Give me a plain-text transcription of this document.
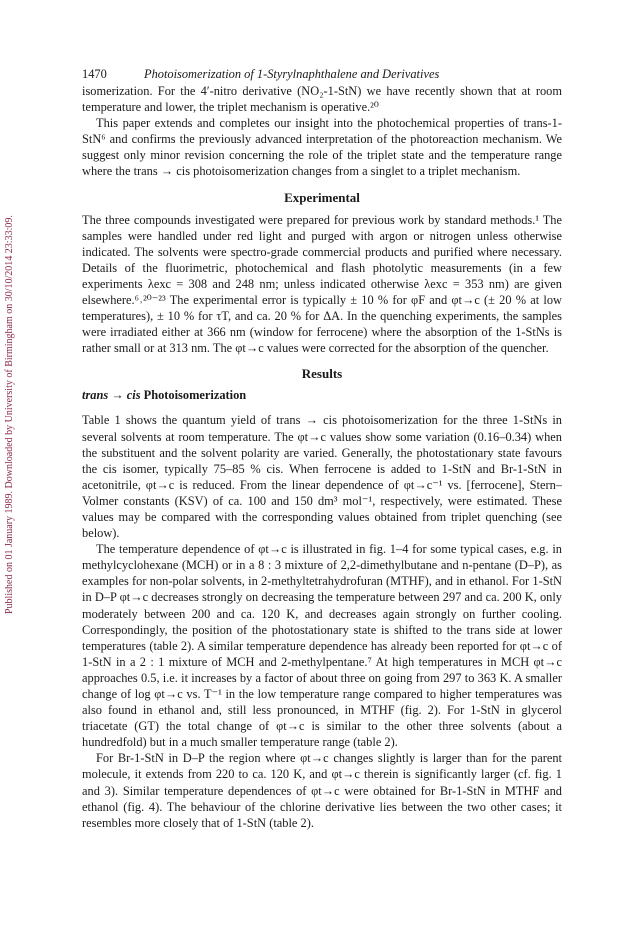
Published on 01 January 1989. Downloaded by University of Birmingham on 30/10/2014 23:33:09.
1470	Photoisomerization of 1-Styrylnaphthalene and Derivatives

isomerization. For the 4′-nitro derivative (NO₂-1-StN) we have recently shown that at room temperature and lower, the triplet mechanism is operative.²⁰

This paper extends and completes our insight into the photochemical properties of trans-1-StN⁶ and confirms the previously advanced interpretation of the photoreaction mechanism. We suggest only minor revision concerning the role of the triplet state and the temperature range where the trans → cis photoisomerization changes from a singlet to a triplet mechanism.

Experimental

The three compounds investigated were prepared for previous work by standard methods.¹ The samples were handled under red light and purged with argon or nitrogen unless otherwise indicated. The solvents were spectro-grade commercial products and purified where necessary. Details of the fluorimetric, photochemical and flash photolytic measurements (in a few experiments λexc = 308 and 248 nm; unless indicated otherwise λexc = 353 nm) are given elsewhere.⁶˒²⁰⁻²³ The experimental error is typically ± 10 % for φF and φt→c (± 20 % at low temperatures), ± 10 % for τT, and ca. 20 % for ΔA. In the quenching experiments, the samples were irradiated either at 366 nm (window for ferrocene) where the absorption of the 1-StNs is rather small or at 313 nm. The φt→c values were corrected for the absorption of the quencher.

Results
trans → cis Photoisomerization

Table 1 shows the quantum yield of trans → cis photoisomerization for the three 1-StNs in several solvents at room temperature. The φt→c values show some variation (0.16–0.34) when the substituent and the solvent polarity are varied. Generally, the photostationary state favours the cis isomer, typically 75–85 % cis. When ferrocene is added to 1-StN and Br-1-StN in acetonitrile, φt→c is reduced. From the linear dependence of φt→c⁻¹ vs. [ferrocene], Stern–Volmer constants (KSV) of ca. 100 and 150 dm³ mol⁻¹, respectively, were estimated. These values may be compared with the corresponding values obtained from triplet quenching (see below).

The temperature dependence of φt→c is illustrated in fig. 1–4 for some typical cases, e.g. in methylcyclohexane (MCH) or in a 8 : 3 mixture of 2,2-dimethylbutane and n-pentane (D–P), as examples for non-polar solvents, in 2-methyltetrahydrofuran (MTHF), and in ethanol. For 1-StN in D–P φt→c decreases strongly on decreasing the temperature between 297 and ca. 200 K, only moderately between 200 and ca. 120 K, and decreases again strongly on further cooling. Correspondingly, the position of the photostationary state is shifted to the trans side at lower temperatures (table 2). A similar temperature dependence has already been reported for φt→c of 1-StN in a 2 : 1 mixture of MCH and 2-methylpentane.⁷ At high temperatures in MCH φt→c approaches 0.5, i.e. it increases by a factor of about three on going from 297 to 363 K. A smaller change of log φt→c vs. T⁻¹ in the low temperature range compared to higher temperatures was also found in ethanol and, still less pronounced, in MTHF (fig. 2). For 1-StN in glycerol triacetate (GT) the total change of φt→c is similar to the other three solvents (about a hundredfold) but in a much smaller temperature range (table 2).

For Br-1-StN in D–P the region where φt→c changes slightly is larger than for the parent molecule, it extends from 220 to ca. 120 K, and φt→c therein is significantly larger (cf. fig. 1 and 3). Similar temperature dependences of φt→c were obtained for Br-1-StN in MTHF and ethanol (fig. 4). The behaviour of the chlorine derivative lies between the two other cases; it resembles more closely that of 1-StN (table 2).
